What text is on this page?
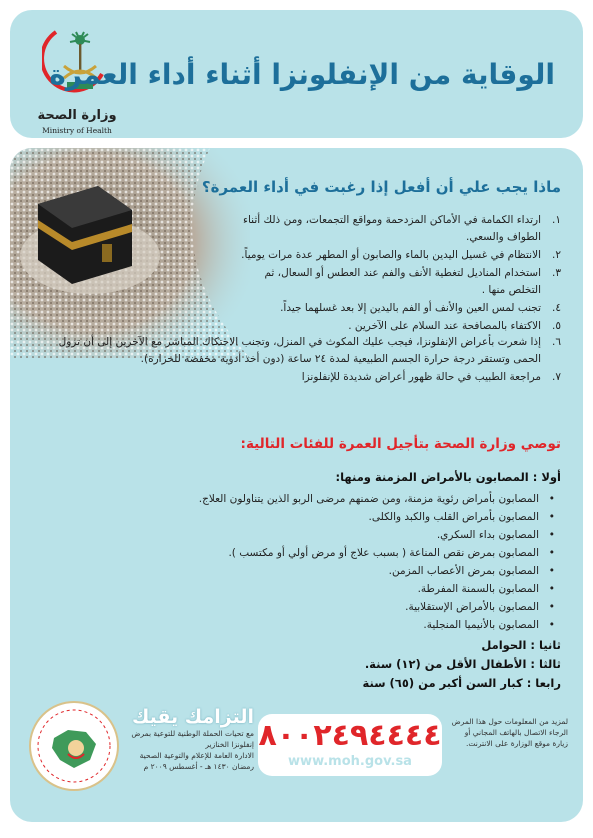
وزارة الصحة
Ministry of Health
الوقاية من الإنفلونزا أثناء أداء العمرة
ماذا يجب علي أن أفعل إذا رغبت في أداء العمرة؟
١.
ارتداء الكمامة في الأماكن المزدحمة ومواقع التجمعات، ومن ذلك أثناء الطواف والسعي.
٢.
الانتظام في غسيل اليدين بالماء والصابون أو المطهر عدة مرات يومياً.
٣.
استخدام المناديل لتغطية الأنف والفم عند العطس أو السعال، ثم التخلص منها .
٤.
تجنب لمس العين والأنف أو الفم باليدين إلا بعد غسلهما جيداً.
٥.
الاكتفاء بالمصافحة عند السلام على الآخرين .
٦.
إذا شعرت بأعراض الإنفلونزا، فيجب عليك المكوث في المنزل، وتجنب الاحتكاك المباشر مع الآخرين إلى أن تزول الحمى وتستقر درجة حرارة الجسم الطبيعية لمدة ٢٤ ساعة (دون أخذ أدوية مخفضة للحرارة).
٧.
مراجعة الطبيب في حالة ظهور أعراض شديدة للإنفلونزا
توصي وزارة الصحة بتأجيل العمرة للفئات التالية:
أولا : المصابون بالأمراض المزمنة ومنها:
•
المصابون بأمراض رئوية مزمنة، ومن ضمنهم مرضى الربو الذين يتناولون العلاج.
•
المصابون بأمراض القلب والكبد والكلى.
•
المصابون بداء السكري.
•
المصابون بمرض نقص المناعة ( بسبب علاج أو مرض أولي أو مكتسب ).
•
المصابون بمرض الأعصاب المزمن.
•
المصابون بالسمنة المفرطة.
•
المصابون بالأمراض الإستقلابية.
•
المصابون بالأنيميا المنجلية.
ثانيا : الحوامل
ثالثا : الأطفال الأقل من (١٢) سنة.
رابعا : كبار السن أكبر من (٦٥) سنة
التزامك يقيك
مع تحيات الحملة الوطنية للتوعية بمرض إنفلونزا الخنازير
الادارة العامة للإعلام والتوعية الصحية
رمضان ١٤٣٠ هـ - أغسطس ٢٠٠٩ م
٨٠٠٢٤٩٤٤٤٤
www.moh.gov.sa
لمزيد من المعلومات حول هذا المرض الرجاء الاتصال بالهاتف المجاني أو زيارة موقع الوزارة على الانترنت.
